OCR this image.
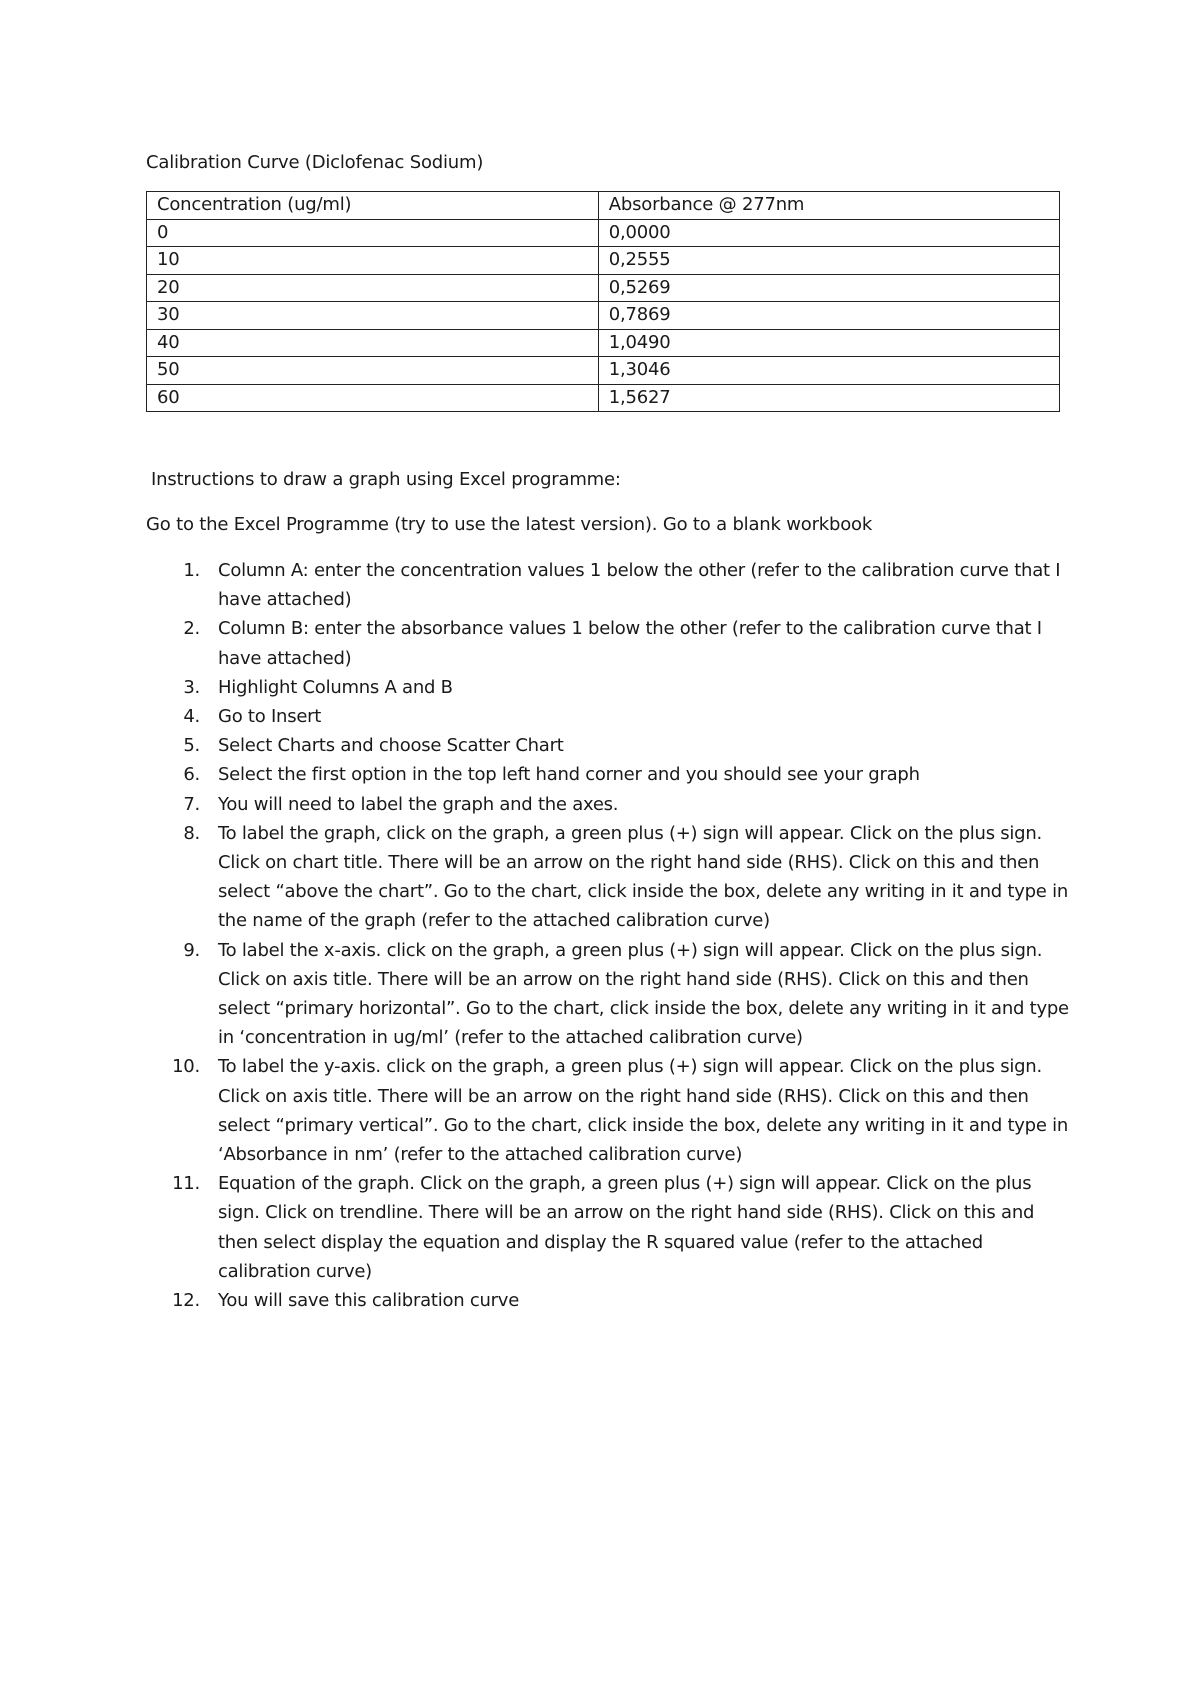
Calibration Curve (Diclofenac Sodium)
Concentration (ug/ml)	Absorbance @ 277nm
0	0,0000
10	0,2555
20	0,5269
30	0,7869
40	1,0490
50	1,3046
60	1,5627
Instructions to draw a graph using Excel programme:
Go to the Excel Programme (try to use the latest version). Go to a blank workbook
1. Column A: enter the concentration values 1 below the other (refer to the calibration curve that I have attached)
2. Column B: enter the absorbance values 1 below the other (refer to the calibration curve that I have attached)
3. Highlight Columns A and B
4. Go to Insert
5. Select Charts and choose Scatter Chart
6. Select the first option in the top left hand corner and you should see your graph
7. You will need to label the graph and the axes.
8. To label the graph, click on the graph, a green plus (+) sign will appear. Click on the plus sign. Click on chart title. There will be an arrow on the right hand side (RHS). Click on this and then select “above the chart”. Go to the chart, click inside the box, delete any writing in it and type in the name of the graph (refer to the attached calibration curve)
9. To label the x-axis. click on the graph, a green plus (+) sign will appear. Click on the plus sign. Click on axis title. There will be an arrow on the right hand side (RHS). Click on this and then select “primary horizontal”. Go to the chart, click inside the box, delete any writing in it and type in ‘concentration in ug/ml’ (refer to the attached calibration curve)
10. To label the y-axis. click on the graph, a green plus (+) sign will appear. Click on the plus sign. Click on axis title. There will be an arrow on the right hand side (RHS). Click on this and then select “primary vertical”. Go to the chart, click inside the box, delete any writing in it and type in ‘Absorbance in nm’ (refer to the attached calibration curve)
11. Equation of the graph. Click on the graph, a green plus (+) sign will appear. Click on the plus sign. Click on trendline. There will be an arrow on the right hand side (RHS). Click on this and then select display the equation and display the R squared value (refer to the attached calibration curve)
12. You will save this calibration curve
